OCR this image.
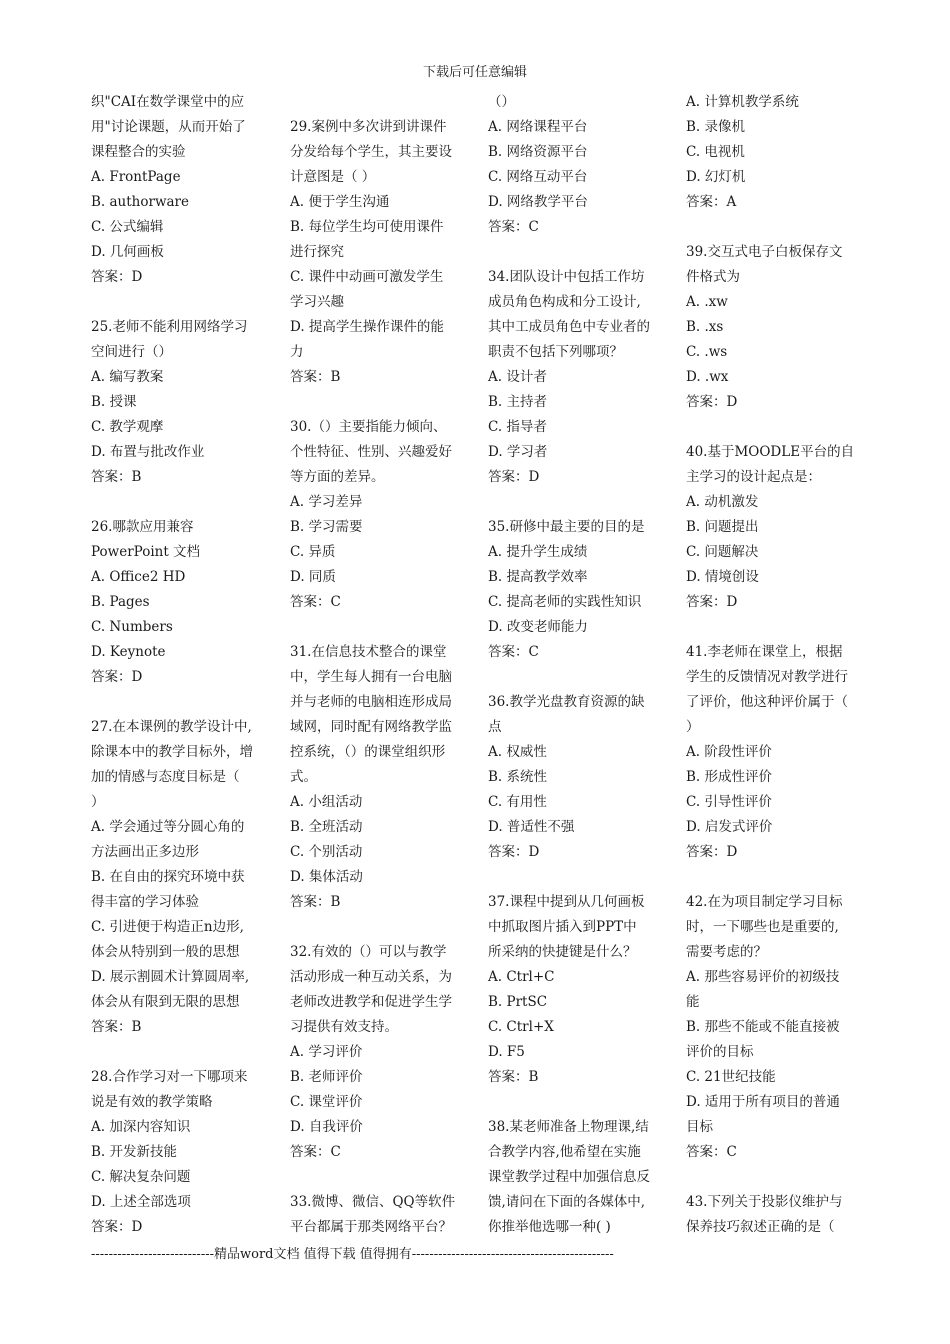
下载后可任意编辑
织"CAI在数学课堂中的应
用"讨论课题，从而开始了
课程整合的实验
A. FrontPage
B. authorware
C. 公式编辑
D. 几何画板
答案：D
25.老师不能利用网络学习
空间进行（）
A. 编写教案
B. 授课
C. 教学观摩
D. 布置与批改作业
答案：B
26.哪款应用兼容
PowerPoint 文档
A. Office2 HD
B. Pages
C. Numbers
D. Keynote
答案：D
27.在本课例的教学设计中,
除课本中的教学目标外，增
加的情感与态度目标是（
）
A. 学会通过等分圆心角的
方法画出正多边形
B. 在自由的探究环境中获
得丰富的学习体验
C. 引进便于构造正n边形,
体会从特别到一般的思想
D. 展示割圆术计算圆周率,
体会从有限到无限的思想
答案：B
28.合作学习对一下哪项来
说是有效的教学策略
A. 加深内容知识
B. 开发新技能
C. 解决复杂问题
D. 上述全部选项
答案：D
29.案例中多次讲到讲课件
分发给每个学生，其主要设
计意图是（ ）
A. 便于学生沟通
B. 每位学生均可使用课件
进行探究
C. 课件中动画可激发学生
学习兴趣
D. 提高学生操作课件的能
力
答案：B
30.（）主要指能力倾向、
个性特征、性别、兴趣爱好
等方面的差异。
A. 学习差异
B. 学习需要
C. 异质
D. 同质
答案：C
31.在信息技术整合的课堂
中，学生每人拥有一台电脑
并与老师的电脑相连形成局
域网，同时配有网络教学监
控系统，（）的课堂组织形
式。
A. 小组活动
B. 全班活动
C. 个别活动
D. 集体活动
答案：B
32.有效的（）可以与教学
活动形成一种互动关系，为
老师改进教学和促进学生学
习提供有效支持。
A. 学习评价
B. 老师评价
C. 课堂评价
D. 自我评价
答案：C
33.微博、微信、QQ等软件
平台都属于那类网络平台？
（）
A. 网络课程平台
B. 网络资源平台
C. 网络互动平台
D. 网络教学平台
答案：C
34.团队设计中包括工作坊
成员角色构成和分工设计,
其中工成员角色中专业者的
职责不包括下列哪项？
A. 设计者
B. 主持者
C. 指导者
D. 学习者
答案：D
35.研修中最主要的目的是
A. 提升学生成绩
B. 提高教学效率
C. 提高老师的实践性知识
D. 改变老师能力
答案：C
36.教学光盘教育资源的缺
点
A. 权威性
B. 系统性
C. 有用性
D. 普适性不强
答案：D
37.课程中提到从几何画板
中抓取图片插入到PPT中
所采纳的快捷键是什么？
A. Ctrl+C
B. PrtSC
C. Ctrl+X
D. F5
答案：B
38.某老师准备上物理课,结
合教学内容,他希望在实施
课堂教学过程中加强信息反
馈,请问在下面的各媒体中,
你推举他选哪一种( )
A. 计算机教学系统
B. 录像机
C. 电视机
D. 幻灯机
答案：A
39.交互式电子白板保存文
件格式为
A. .xw
B. .xs
C. .ws
D. .wx
答案：D
40.基于MOODLE平台的自
主学习的设计起点是：
A. 动机激发
B. 问题提出
C. 问题解决
D. 情境创设
答案：D
41.李老师在课堂上，根据
学生的反馈情况对教学进行
了评价，他这种评价属于（
）
A. 阶段性评价
B. 形成性评价
C. 引导性评价
D. 启发式评价
答案：D
42.在为项目制定学习目标
时，一下哪些也是重要的,
需要考虑的？
A. 那些容易评价的初级技
能
B. 那些不能或不能直接被
评价的目标
C. 21世纪技能
D. 适用于所有项目的普通
目标
答案：C
43.下列关于投影仪维护与
保养技巧叙述正确的是（
----------------------------精品word文档 值得下载 值得拥有----------------------------------------------
